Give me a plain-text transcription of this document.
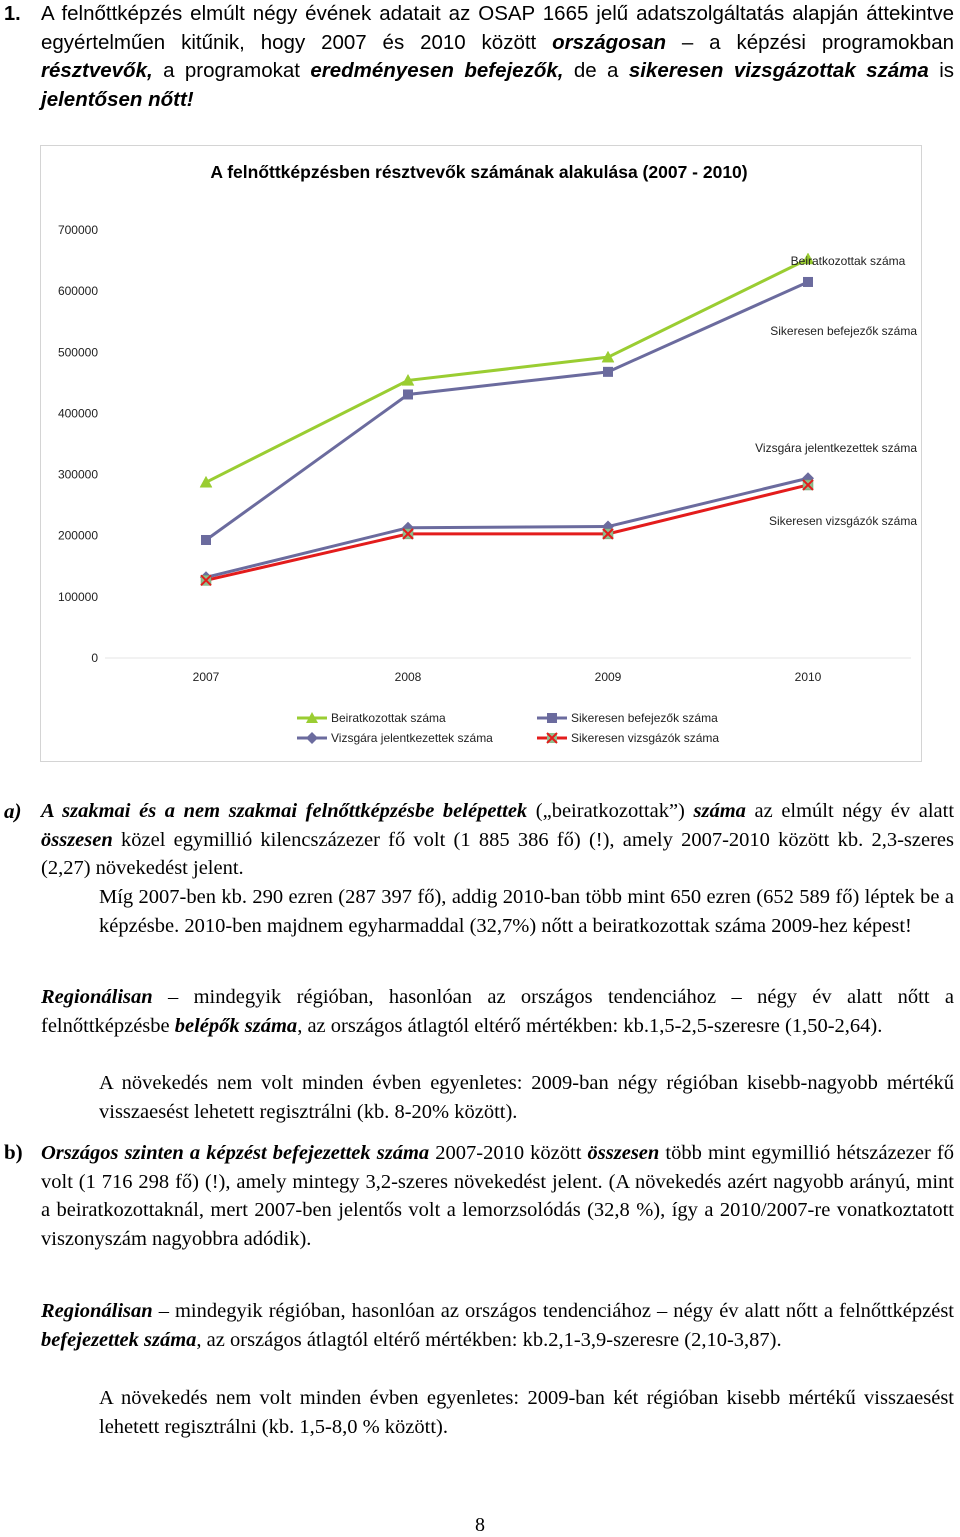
1. A felnőttképzés elmúlt négy évének adatait az OSAP 1665 jelű adatszolgáltatás alapján áttekintve egyértelműen kitűnik, hogy 2007 és 2010 között országosan – a képzési programokban résztvevők, a programokat eredményesen befejezők, de a sikeresen vizsgázottak száma is jelentősen nőtt!
A felnőttképzésben résztvevők számának alakulása (2007 - 2010)
0
100000
200000
300000
400000
500000
600000
700000
2007	2008	2009	2010
Beiratkozottak száma
Sikeresen befejezők száma
Vizsgára jelentkezettek száma
Sikeresen vizsgázók száma
Beiratkozottak száma	Sikeresen befejezők száma
Vizsgára jelentkezettek száma	Sikeresen vizsgázók száma
a) A szakmai és a nem szakmai felnőttképzésbe belépettek („beiratkozottak”) száma az elmúlt négy év alatt összesen közel egymillió kilencszázezer fő volt (1 885 386 fő) (!), amely 2007-2010 között kb. 2,3-szeres (2,27) növekedést jelent.
Míg 2007-ben kb. 290 ezren (287 397 fő), addig 2010-ban több mint 650 ezren (652 589 fő) léptek be a képzésbe. 2010-ben majdnem egyharmaddal (32,7%) nőtt a beiratkozottak száma 2009-hez képest!
Regionálisan – mindegyik régióban, hasonlóan az országos tendenciához – négy év alatt nőtt a felnőttképzésbe belépők száma, az országos átlagtól eltérő mértékben: kb.1,5-2,5-szeresre (1,50-2,64).
A növekedés nem volt minden évben egyenletes: 2009-ban négy régióban kisebb-nagyobb mértékű visszaesést lehetett regisztrálni (kb. 8-20% között).
b) Országos szinten a képzést befejezettek száma 2007-2010 között összesen több mint egymillió hétszázezer fő volt (1 716 298 fő) (!), amely mintegy 3,2-szeres növekedést jelent. (A növekedés azért nagyobb arányú, mint a beiratkozottaknál, mert 2007-ben jelentős volt a lemorzsolódás (32,8 %), így a 2010/2007-re vonatkoztatott viszonyszám nagyobbra adódik).
Regionálisan – mindegyik régióban, hasonlóan az országos tendenciához – négy év alatt nőtt a felnőttképzést befejezettek száma, az országos átlagtól eltérő mértékben: kb.2,1-3,9-szeresre (2,10-3,87).
A növekedés nem volt minden évben egyenletes: 2009-ban két régióban kisebb mértékű visszaesést lehetett regisztrálni (kb. 1,5-8,0 % között).
8
